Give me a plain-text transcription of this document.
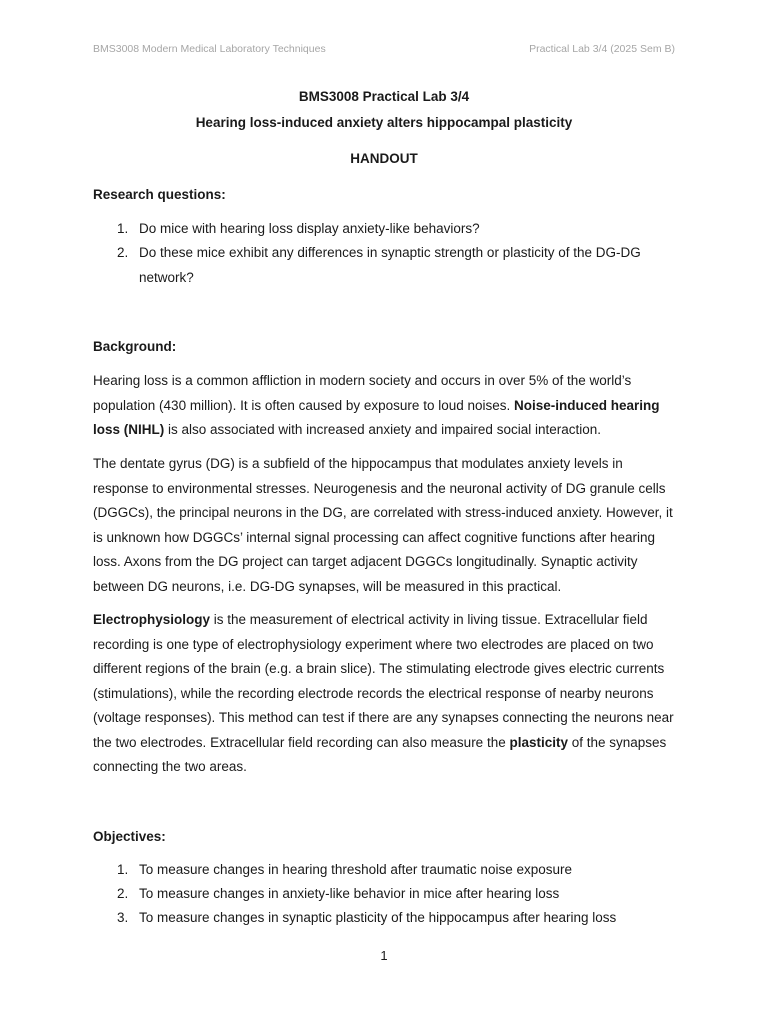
BMS3008 Modern Medical Laboratory Techniques	Practical Lab 3/4 (2025 Sem B)
BMS3008 Practical Lab 3/4
Hearing loss-induced anxiety alters hippocampal plasticity
HANDOUT
Research questions:
1. Do mice with hearing loss display anxiety-like behaviors?
2. Do these mice exhibit any differences in synaptic strength or plasticity of the DG-DG network?
Background:
Hearing loss is a common affliction in modern society and occurs in over 5% of the world’s population (430 million). It is often caused by exposure to loud noises. Noise-induced hearing loss (NIHL) is also associated with increased anxiety and impaired social interaction.
The dentate gyrus (DG) is a subfield of the hippocampus that modulates anxiety levels in response to environmental stresses. Neurogenesis and the neuronal activity of DG granule cells (DGGCs), the principal neurons in the DG, are correlated with stress-induced anxiety. However, it is unknown how DGGCs’ internal signal processing can affect cognitive functions after hearing loss. Axons from the DG project can target adjacent DGGCs longitudinally. Synaptic activity between DG neurons, i.e. DG-DG synapses, will be measured in this practical.
Electrophysiology is the measurement of electrical activity in living tissue. Extracellular field recording is one type of electrophysiology experiment where two electrodes are placed on two different regions of the brain (e.g. a brain slice). The stimulating electrode gives electric currents (stimulations), while the recording electrode records the electrical response of nearby neurons (voltage responses). This method can test if there are any synapses connecting the neurons near the two electrodes. Extracellular field recording can also measure the plasticity of the synapses connecting the two areas.
Objectives:
1. To measure changes in hearing threshold after traumatic noise exposure
2. To measure changes in anxiety-like behavior in mice after hearing loss
3. To measure changes in synaptic plasticity of the hippocampus after hearing loss
1
